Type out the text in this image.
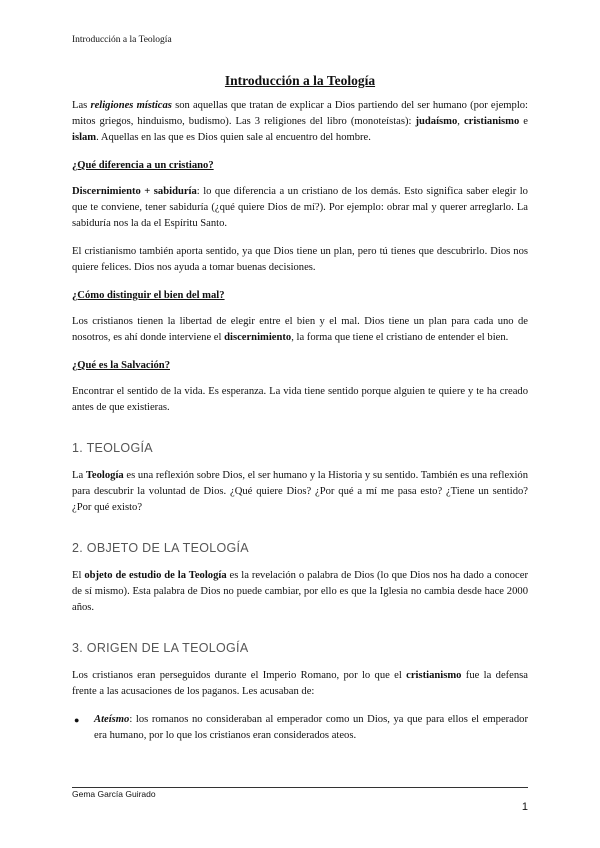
Introducción a la Teología
Introducción a la Teología

Las religiones místicas son aquellas que tratan de explicar a Dios partiendo del ser humano (por ejemplo: mitos griegos, hinduismo, budismo). Las 3 religiones del libro (monoteístas): judaísmo, cristianismo e islam. Aquellas en las que es Dios quien sale al encuentro del hombre.

¿Qué diferencia a un cristiano?

Discernimiento + sabiduría: lo que diferencia a un cristiano de los demás. Esto significa saber elegir lo que te conviene, tener sabiduría (¿qué quiere Dios de mí?). Por ejemplo: obrar mal y querer arreglarlo. La sabiduría nos la da el Espíritu Santo.

El cristianismo también aporta sentido, ya que Dios tiene un plan, pero tú tienes que descubrirlo. Dios nos quiere felices. Dios nos ayuda a tomar buenas decisiones.

¿Cómo distinguir el bien del mal?

Los cristianos tienen la libertad de elegir entre el bien y el mal. Dios tiene un plan para cada uno de nosotros, es ahí donde interviene el discernimiento, la forma que tiene el cristiano de entender el bien.

¿Qué es la Salvación?

Encontrar el sentido de la vida. Es esperanza. La vida tiene sentido porque alguien te quiere y te ha creado antes de que existieras.

1. TEOLOGÍA

La Teología es una reflexión sobre Dios, el ser humano y la Historia y su sentido. También es una reflexión para descubrir la voluntad de Dios. ¿Qué quiere Dios? ¿Por qué a mí me pasa esto? ¿Tiene un sentido? ¿Por qué existo?

2. OBJETO DE LA TEOLOGÍA

El objeto de estudio de la Teología es la revelación o palabra de Dios (lo que Dios nos ha dado a conocer de sí mismo). Esta palabra de Dios no puede cambiar, por ello es que la Iglesia no cambia desde hace 2000 años.

3. ORIGEN DE LA TEOLOGÍA

Los cristianos eran perseguidos durante el Imperio Romano, por lo que el cristianismo fue la defensa frente a las acusaciones de los paganos. Les acusaban de:

● Ateísmo: los romanos no consideraban al emperador como un Dios, ya que para ellos el emperador era humano, por lo que los cristianos eran considerados ateos.
Gema García Guirado
1
